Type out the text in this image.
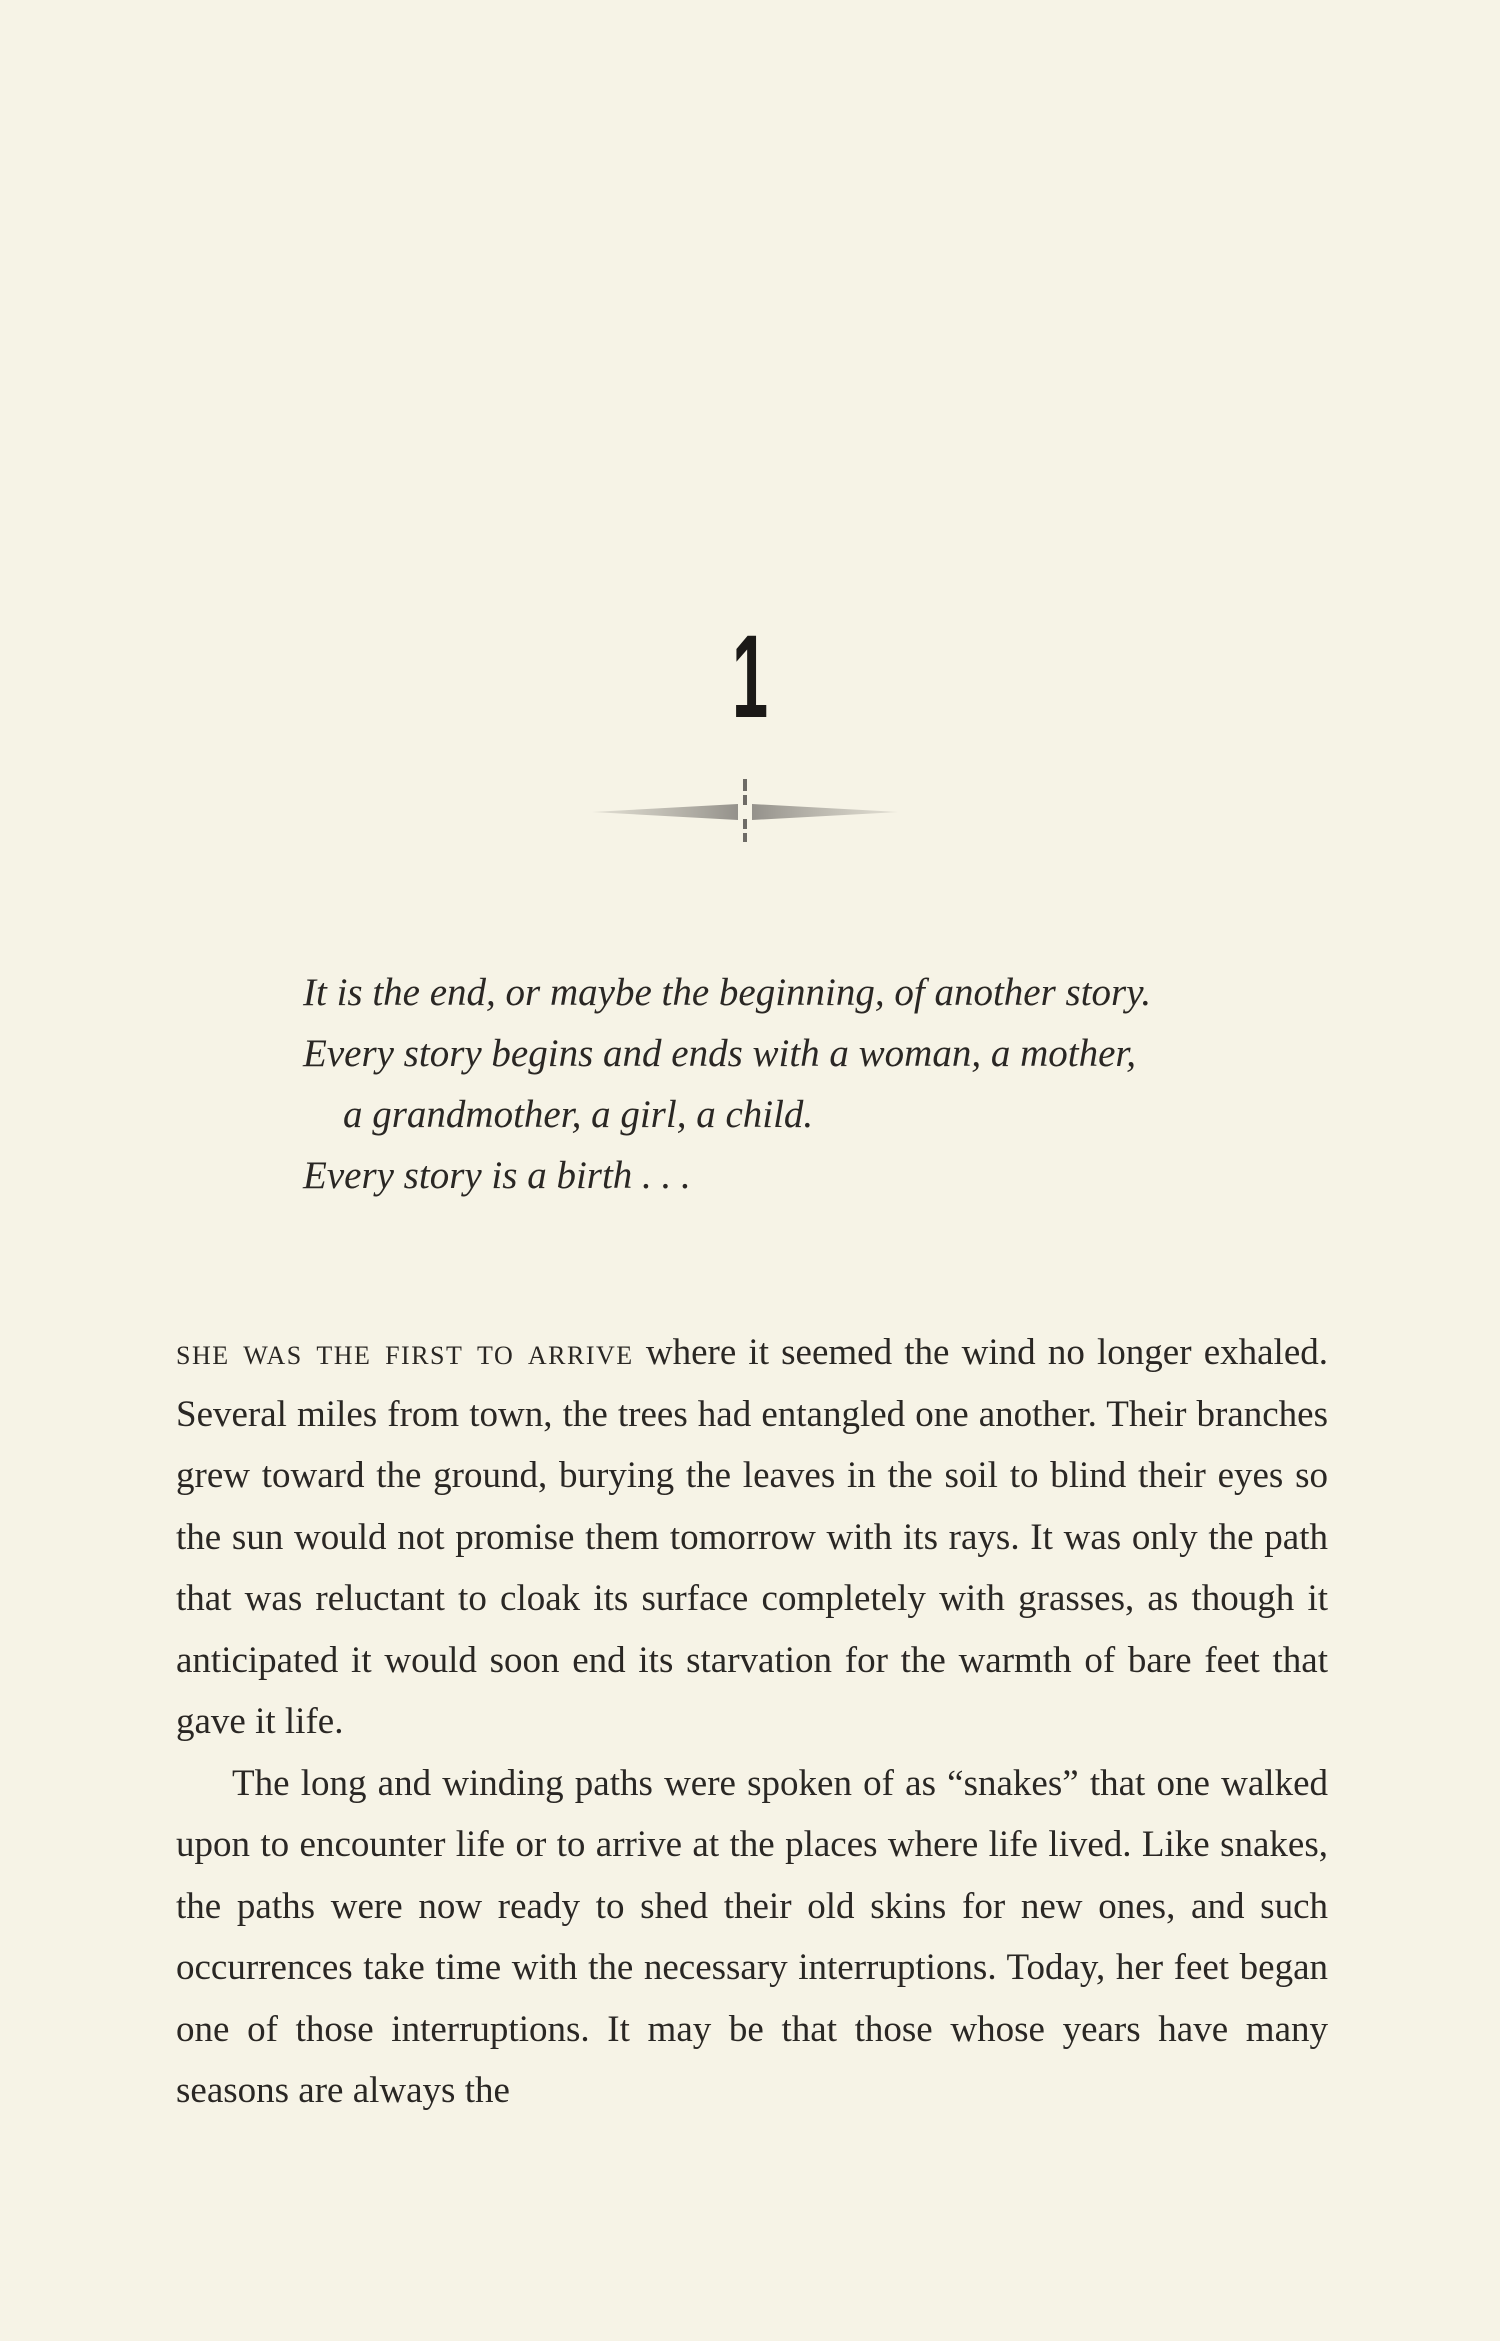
1
It is the end, or maybe the beginning, of another story.
Every story begins and ends with a woman, a mother,
a grandmother, a girl, a child.
Every story is a birth . . .

she was the first to arrive where it seemed the wind no longer exhaled. Several miles from town, the trees had entangled one another. Their branches grew toward the ground, burying the leaves in the soil to blind their eyes so the sun would not promise them tomorrow with its rays. It was only the path that was reluctant to cloak its surface completely with grasses, as though it anticipated it would soon end its starvation for the warmth of bare feet that gave it life.

The long and winding paths were spoken of as “snakes” that one walked upon to encounter life or to arrive at the places where life lived. Like snakes, the paths were now ready to shed their old skins for new ones, and such occurrences take time with the necessary interruptions. Today, her feet began one of those interruptions. It may be that those whose years have many seasons are always the
